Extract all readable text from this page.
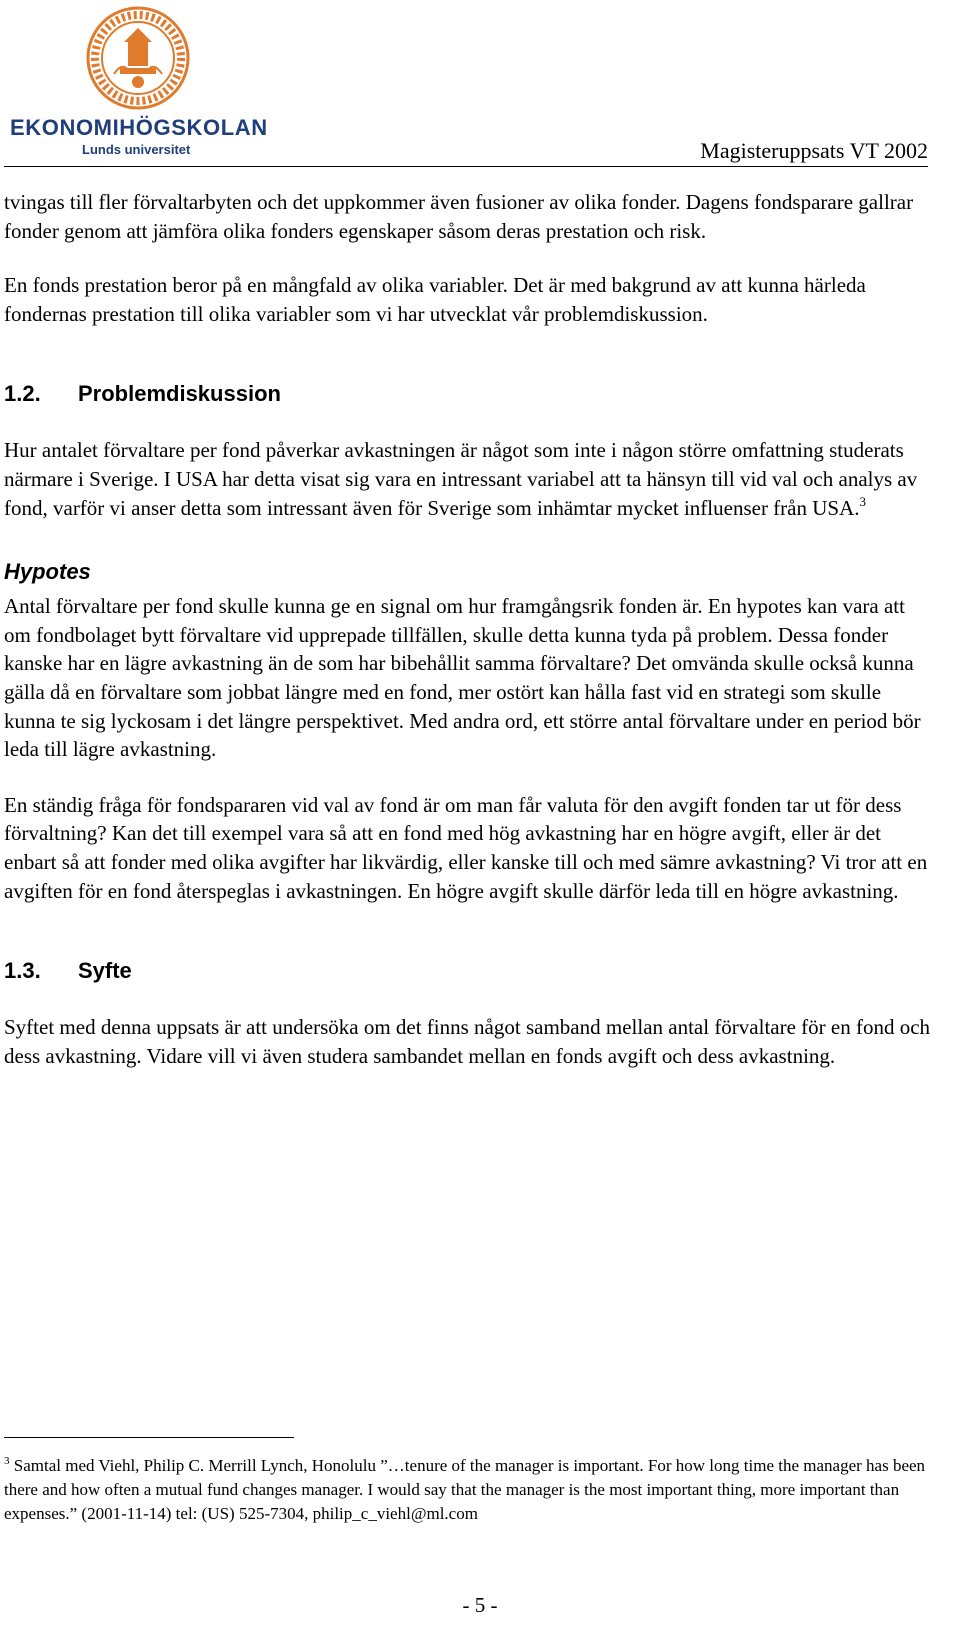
EKONOMIHÖGSKOLAN
Lunds universitet	Magisteruppsats VT 2002

tvingas till fler förvaltarbyten och det uppkommer även fusioner av olika fonder. Dagens fondsparare gallrar fonder genom att jämföra olika fonders egenskaper såsom deras prestation och risk.

En fonds prestation beror på en mångfald av olika variabler. Det är med bakgrund av att kunna härleda fondernas prestation till olika variabler som vi har utvecklat vår problemdiskussion.

1.2. Problemdiskussion

Hur antalet förvaltare per fond påverkar avkastningen är något som inte i någon större omfattning studerats närmare i Sverige. I USA har detta visat sig vara en intressant variabel att ta hänsyn till vid val och analys av fond, varför vi anser detta som intressant även för Sverige som inhämtar mycket influenser från USA.$^3$

Hypotes

Antal förvaltare per fond skulle kunna ge en signal om hur framgångsrik fonden är. En hypotes kan vara att om fondbolaget bytt förvaltare vid upprepade tillfällen, skulle detta kunna tyda på problem. Dessa fonder kanske har en lägre avkastning än de som har bibehållit samma förvaltare? Det omvända skulle också kunna gälla då en förvaltare som jobbat längre med en fond, mer ostört kan hålla fast vid en strategi som skulle kunna te sig lyckosam i det längre perspektivet. Med andra ord, ett större antal förvaltare under en period bör leda till lägre avkastning.

En ständig fråga för fondspararen vid val av fond är om man får valuta för den avgift fonden tar ut för dess förvaltning? Kan det till exempel vara så att en fond med hög avkastning har en högre avgift, eller är det enbart så att fonder med olika avgifter har likvärdig, eller kanske till och med sämre avkastning? Vi tror att en avgiften för en fond återspeglas i avkastningen. En högre avgift skulle därför leda till en högre avkastning.

1.3. Syfte

Syftet med denna uppsats är att undersöka om det finns något samband mellan antal förvaltare för en fond och dess avkastning. Vidare vill vi även studera sambandet mellan en fonds avgift och dess avkastning.

$^3$ Samtal med Viehl, Philip C. Merrill Lynch, Honolulu ”…tenure of the manager is important. For how long time the manager has been there and how often a mutual fund changes manager. I would say that the manager is the most important thing, more important than expenses.” (2001-11-14) tel: (US) 525-7304, philip_c_viehl@ml.com

- 5 -
